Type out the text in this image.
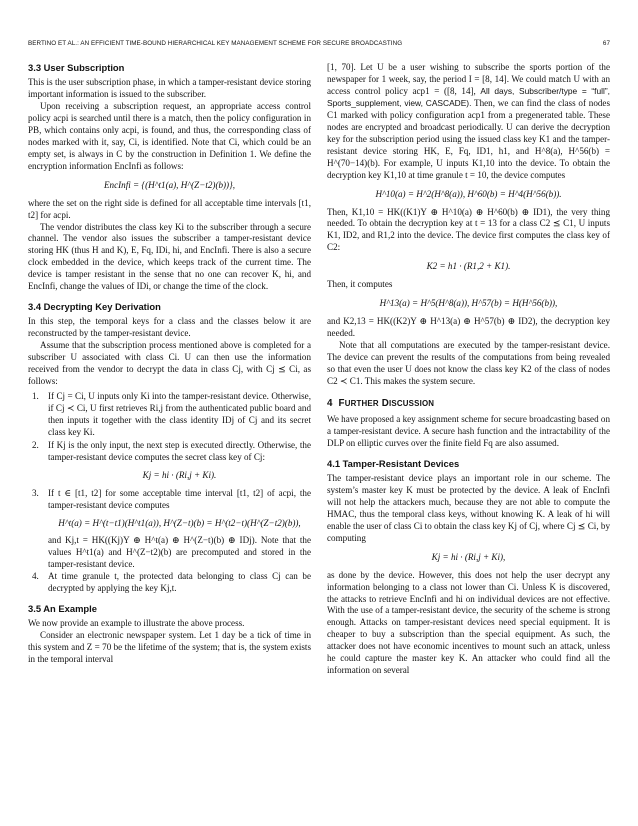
BERTINO ET AL.: AN EFFICIENT TIME-BOUND HIERARCHICAL KEY MANAGEMENT SCHEME FOR SECURE BROADCASTING	67
3.3 User Subscription

This is the user subscription phase, in which a tamper-resistant device storing important information is issued to the subscriber.

Upon receiving a subscription request, an appropriate access control policy acpi is searched until there is a match, then the policy configuration in PB, which contains only acpi, is found, and thus, the corresponding class of nodes marked with it, say, Ci, is identified. Note that Ci, which could be an empty set, is always in C by the construction in Definition 1. We define the encryption information EncInfi as follows:

EncInfi = {(H^t1(a), H^(Z−t2)(b))},

where the set on the right side is defined for all acceptable time intervals [t1, t2] for acpi.

The vendor distributes the class key Ki to the subscriber through a secure channel. The vendor also issues the subscriber a tamper-resistant device storing HK (thus H and K), E, Fq, IDi, hi, and EncInfi. There is also a secure clock embedded in the device, which keeps track of the current time. The device is tamper resistant in the sense that no one can recover K, hi, and EncInfi, change the values of IDi, or change the time of the clock.

3.4 Decrypting Key Derivation

In this step, the temporal keys for a class and the classes below it are reconstructed by the tamper-resistant device.

Assume that the subscription process mentioned above is completed for a subscriber U associated with class Ci. U can then use the information received from the vendor to decrypt the data in class Cj, with Cj ⪯ Ci, as follows:

1.	If Cj = Ci, U inputs only Ki into the tamper-resistant device. Otherwise, if Cj ≺ Ci, U first retrieves Ri,j from the authenticated public board and then inputs it together with the class identity IDj of Cj and its secret class key Ki.
2.	If Kj is the only input, the next step is executed directly. Otherwise, the tamper-resistant device computes the secret class key of Cj:
Kj = hi · (Ri,j + Ki).
3.	If t ∈ [t1, t2] for some acceptable time interval [t1, t2] of acpi, the tamper-resistant device computes
H^t(a) = H^(t−t1)(H^t1(a)), H^(Z−t)(b) = H^(t2−t)(H^(Z−t2)(b)),
and Kj,t = HK((Kj)Y ⊕ H^t(a) ⊕ H^(Z−t)(b) ⊕ IDj). Note that the values H^t1(a) and H^(Z−t2)(b) are precomputed and stored in the tamper-resistant device.
4.	At time granule t, the protected data belonging to class Cj can be decrypted by applying the key Kj,t.
3.5 An Example

We now provide an example to illustrate the above process.

Consider an electronic newspaper system. Let 1 day be a tick of time in this system and Z = 70 be the lifetime of the system; that is, the system exists in the temporal interval

[1, 70]. Let U be a user wishing to subscribe the sports portion of the newspaper for 1 week, say, the period I = [8, 14]. We could match U with an access control policy acp1 = ([8, 14], All days, Subscriber/type = “full”, Sports_supplement, view, CASCADE). Then, we can find the class of nodes C1 marked with policy configuration acp1 from a pregenerated table. These nodes are encrypted and broadcast periodically. U can derive the decryption key for the subscription period using the issued class key K1 and the tamper-resistant device storing HK, E, Fq, ID1, h1, and H^8(a), H^56(b) = H^(70−14)(b). For example, U inputs K1,10 into the device. To obtain the decryption key K1,10 at time granule t = 10, the device computes

H^10(a) = H^2(H^8(a)), H^60(b) = H^4(H^56(b)).

Then, K1,10 = HK((K1)Y ⊕ H^10(a) ⊕ H^60(b) ⊕ ID1), the very thing needed. To obtain the decryption key at t = 13 for a class C2 ⪯ C1, U inputs K1, ID2, and R1,2 into the device. The device first computes the class key of C2:

K2 = h1 · (R1,2 + K1).

Then, it computes

H^13(a) = H^5(H^8(a)), H^57(b) = H(H^56(b)),

and K2,13 = HK((K2)Y ⊕ H^13(a) ⊕ H^57(b) ⊕ ID2), the decryption key needed.

Note that all computations are executed by the tamper-resistant device. The device can prevent the results of the computations from being revealed so that even the user U does not know the class key K2 of the class of nodes C2 ≺ C1. This makes the system secure.

4 FURTHER DISCUSSION

We have proposed a key assignment scheme for secure broadcasting based on a tamper-resistant device. A secure hash function and the intractability of the DLP on elliptic curves over the finite field Fq are also assumed.

4.1 Tamper-Resistant Devices

The tamper-resistant device plays an important role in our scheme. The system’s master key K must be protected by the device. A leak of EncInfi will not help the attackers much, because they are not able to compute the HMAC, thus the temporal class keys, without knowing K. A leak of hi will enable the user of class Ci to obtain the class key Kj of Cj, where Cj ⪯ Ci, by computing

Kj = hi · (Ri,j + Ki),

as done by the device. However, this does not help the user decrypt any information belonging to a class not lower than Ci. Unless K is discovered, the attacks to retrieve EncInfi and hi on individual devices are not effective. With the use of a tamper-resistant device, the security of the scheme is strong enough. Attacks on tamper-resistant devices need special equipment. It is cheaper to buy a subscription than the special equipment. As such, the attacker does not have economic incentives to mount such an attack, unless he could capture the master key K. An attacker who could find all the information on several
